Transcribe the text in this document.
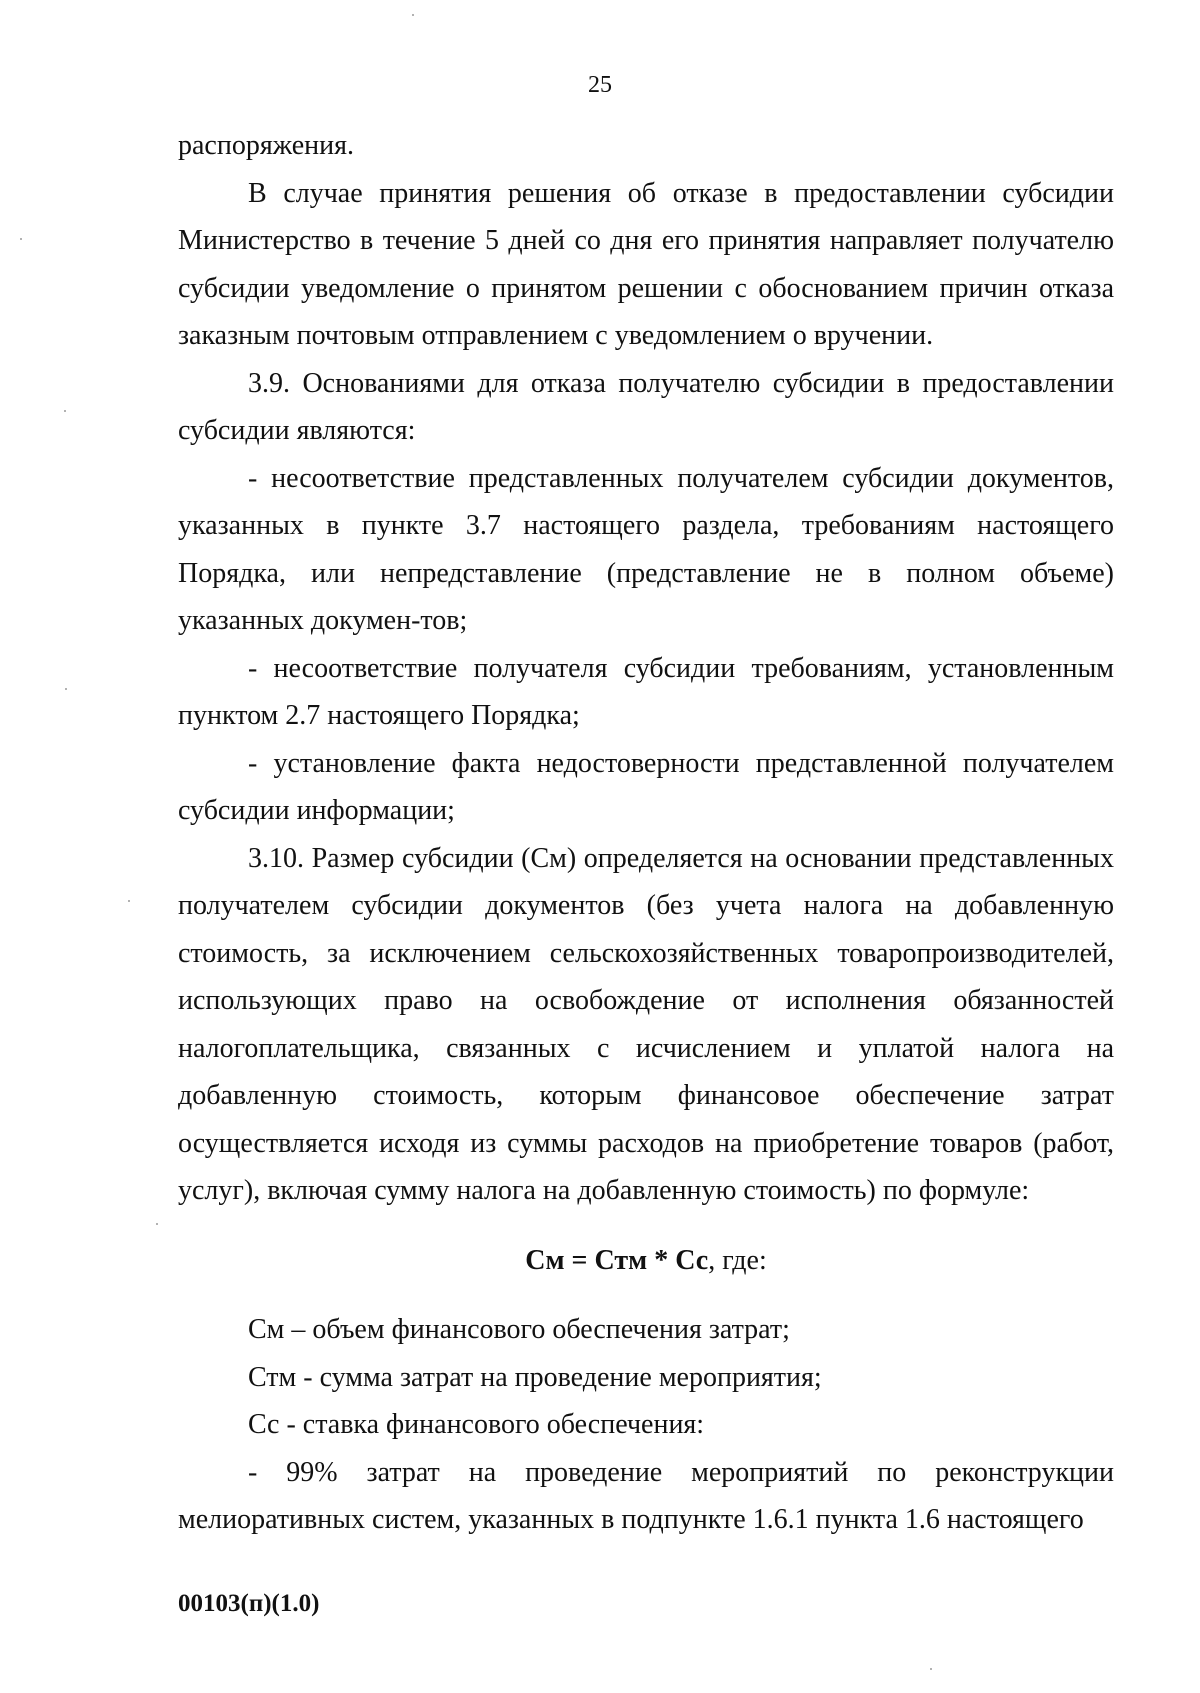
25

распоряжения.

В случае принятия решения об отказе в предоставлении субсидии Министерство в течение 5 дней со дня его принятия направляет получателю субсидии уведомление о принятом решении с обоснованием причин отказа заказным почтовым отправлением с уведомлением о вручении.

3.9. Основаниями для отказа получателю субсидии в предоставлении субсидии являются:

- несоответствие представленных получателем субсидии документов, указанных в пункте 3.7 настоящего раздела, требованиям настоящего Порядка, или непредставление (представление не в полном объеме) указанных докумен-тов;

- несоответствие получателя субсидии требованиям, установленным пунктом 2.7 настоящего Порядка;

- установление факта недостоверности представленной получателем субсидии информации;

3.10. Размер субсидии (См) определяется на основании представленных получателем субсидии документов (без учета налога на добавленную стоимость, за исключением сельскохозяйственных товаропроизводителей, использующих право на освобождение от исполнения обязанностей налогоплательщика, связанных с исчислением и уплатой налога на добавленную стоимость, которым финансовое обеспечение затрат осуществляется исходя из суммы расходов на приобретение товаров (работ, услуг), включая сумму налога на добавленную стоимость) по формуле:

См = Стм * Сс, где:

См – объем финансового обеспечения затрат;

Стм - сумма затрат на проведение мероприятия;

Сс - ставка финансового обеспечения:

- 99% затрат на проведение мероприятий по реконструкции мелиоративных систем, указанных в подпункте 1.6.1 пункта 1.6 настоящего

00103(п)(1.0)
